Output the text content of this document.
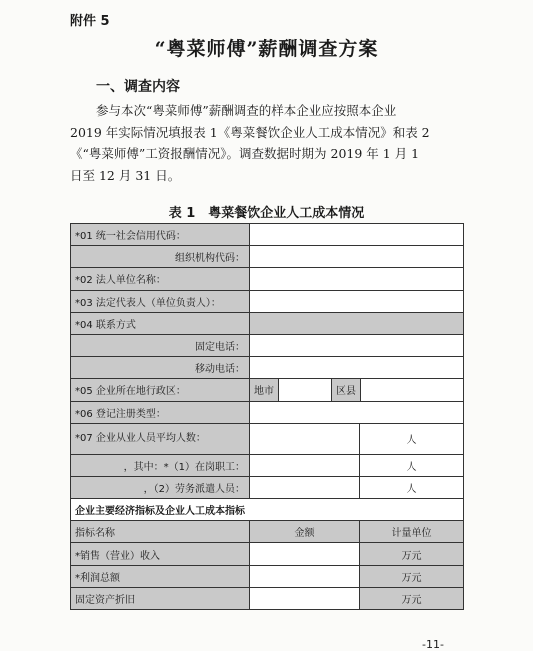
附件 5
“粤菜师傅”薪酬调查方案
一、调查内容
参与本次“粤菜师傅”薪酬调查的样本企业应按照本企业
2019 年实际情况填报表 1《粤菜餐饮企业人工成本情况》和表 2
《“粤菜师傅”工资报酬情况》。调查数据时期为 2019 年 1 月 1
日至 12 月 31 日。
表 1　粤菜餐饮企业人工成本情况
*01 统一社会信用代码：		
组织机构代码：		
*02 法人单位名称：		
*03 法定代表人（单位负责人）：		
*04 联系方式		
固定电话：		
移动电话：		
*05 企业所在地行政区：	地市 区县	

*06 登记注册类型：		
*07 企业从业人员平均人数：		人
，其中：*（1）在岗职工：		人
，（2）劳务派遣人员：		人
企业主要经济指标及企业人工成本指标		
指标名称	金额	计量单位
*销售（营业）收入		万元
*利润总额		万元
固定资产折旧		万元
-11-
